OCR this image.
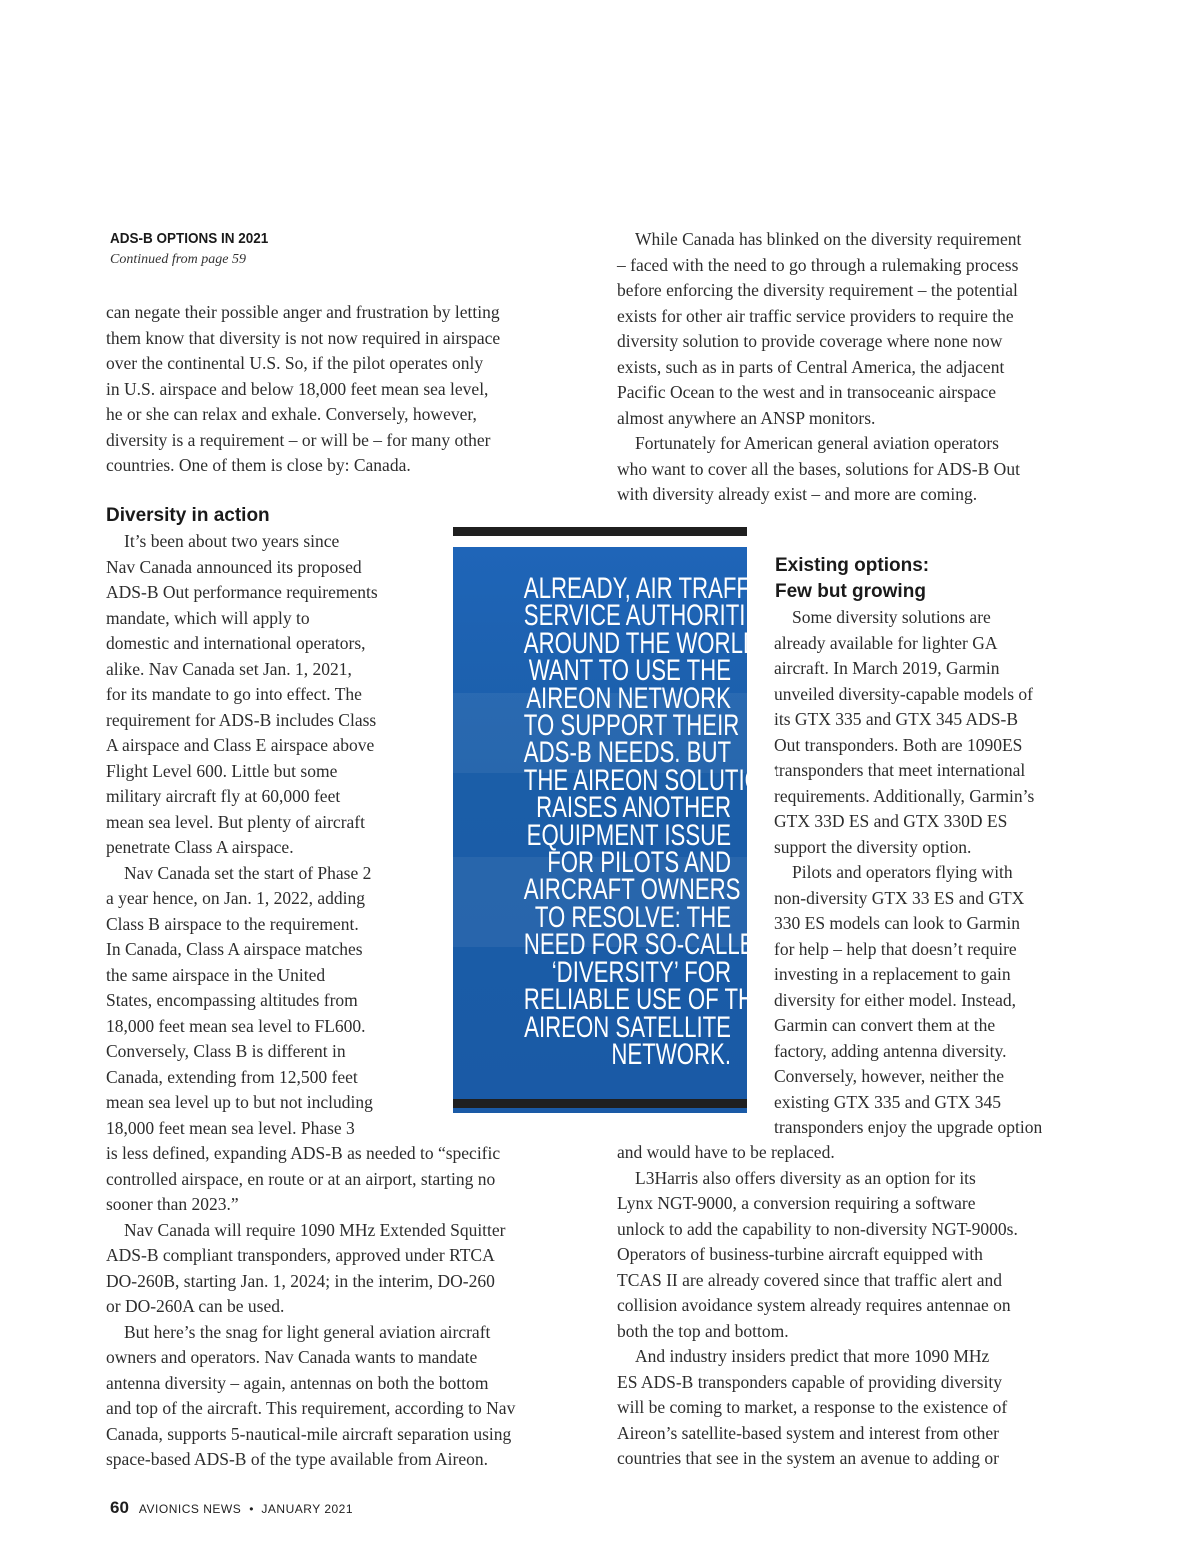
ADS-B OPTIONS IN 2021
Continued from page 59
can negate their possible anger and frustration by letting
them know that diversity is not now required in airspace
over the continental U.S. So, if the pilot operates only
in U.S. airspace and below 18,000 feet mean sea level,
he or she can relax and exhale. Conversely, however,
diversity is a requirement – or will be – for many other
countries. One of them is close by: Canada.
Diversity in action
It’s been about two years since
Nav Canada announced its proposed
ADS-B Out performance requirements
mandate, which will apply to
domestic and international operators,
alike. Nav Canada set Jan. 1, 2021,
for its mandate to go into effect. The
requirement for ADS-B includes Class
A airspace and Class E airspace above
Flight Level 600. Little but some
military aircraft fly at 60,000 feet
mean sea level. But plenty of aircraft
penetrate Class A airspace.
Nav Canada set the start of Phase 2
a year hence, on Jan. 1, 2022, adding
Class B airspace to the requirement.
In Canada, Class A airspace matches
the same airspace in the United
States, encompassing altitudes from
18,000 feet mean sea level to FL600.
Conversely, Class B is different in
Canada, extending from 12,500 feet
mean sea level up to but not including
18,000 feet mean sea level. Phase 3
is less defined, expanding ADS-B as needed to “specific
controlled airspace, en route or at an airport, starting no
sooner than 2023.”
Nav Canada will require 1090 MHz Extended Squitter
ADS-B compliant transponders, approved under RTCA
DO-260B, starting Jan. 1, 2024; in the interim, DO-260
or DO-260A can be used.
But here’s the snag for light general aviation aircraft
owners and operators. Nav Canada wants to mandate
antenna diversity – again, antennas on both the bottom
and top of the aircraft. This requirement, according to Nav
Canada, supports 5-nautical-mile aircraft separation using
space-based ADS-B of the type available from Aireon.
While Canada has blinked on the diversity requirement
– faced with the need to go through a rulemaking process
before enforcing the diversity requirement – the potential
exists for other air traffic service providers to require the
diversity solution to provide coverage where none now
exists, such as in parts of Central America, the adjacent
Pacific Ocean to the west and in transoceanic airspace
almost anywhere an ANSP monitors.
Fortunately for American general aviation operators
who want to cover all the bases, solutions for ADS-B Out
with diversity already exist – and more are coming.
Existing options:
Few but growing
Some diversity solutions are
already available for lighter GA
aircraft. In March 2019, Garmin
unveiled diversity-capable models of
its GTX 335 and GTX 345 ADS-B
Out transponders. Both are 1090ES
transponders that meet international
requirements. Additionally, Garmin’s
GTX 33D ES and GTX 330D ES
support the diversity option.
Pilots and operators flying with
non-diversity GTX 33 ES and GTX
330 ES models can look to Garmin
for help – help that doesn’t require
investing in a replacement to gain
diversity for either model. Instead,
Garmin can convert them at the
factory, adding antenna diversity.
Conversely, however, neither the
existing GTX 335 and GTX 345
transponders enjoy the upgrade option
and would have to be replaced.
L3Harris also offers diversity as an option for its
Lynx NGT-9000, a conversion requiring a software
unlock to add the capability to non-diversity NGT-9000s.
Operators of business-turbine aircraft equipped with
TCAS II are already covered since that traffic alert and
collision avoidance system already requires antennae on
both the top and bottom.
And industry insiders predict that more 1090 MHz
ES ADS-B transponders capable of providing diversity
will be coming to market, a response to the existence of
Aireon’s satellite-based system and interest from other
countries that see in the system an avenue to adding or
ALREADY, AIR TRAFFIC
SERVICE AUTHORITIES
AROUND THE WORLD
WANT TO USE THE
AIREON NETWORK
TO SUPPORT THEIR
ADS-B NEEDS. BUT
THE AIREON SOLUTION
RAISES ANOTHER
EQUIPMENT ISSUE
FOR PILOTS AND
AIRCRAFT OWNERS
TO RESOLVE: THE
NEED FOR SO-CALLED
‘DIVERSITY’ FOR
RELIABLE USE OF THE
AIREON SATELLITE
NETWORK.
60 AVIONICS NEWS • JANUARY 2021
